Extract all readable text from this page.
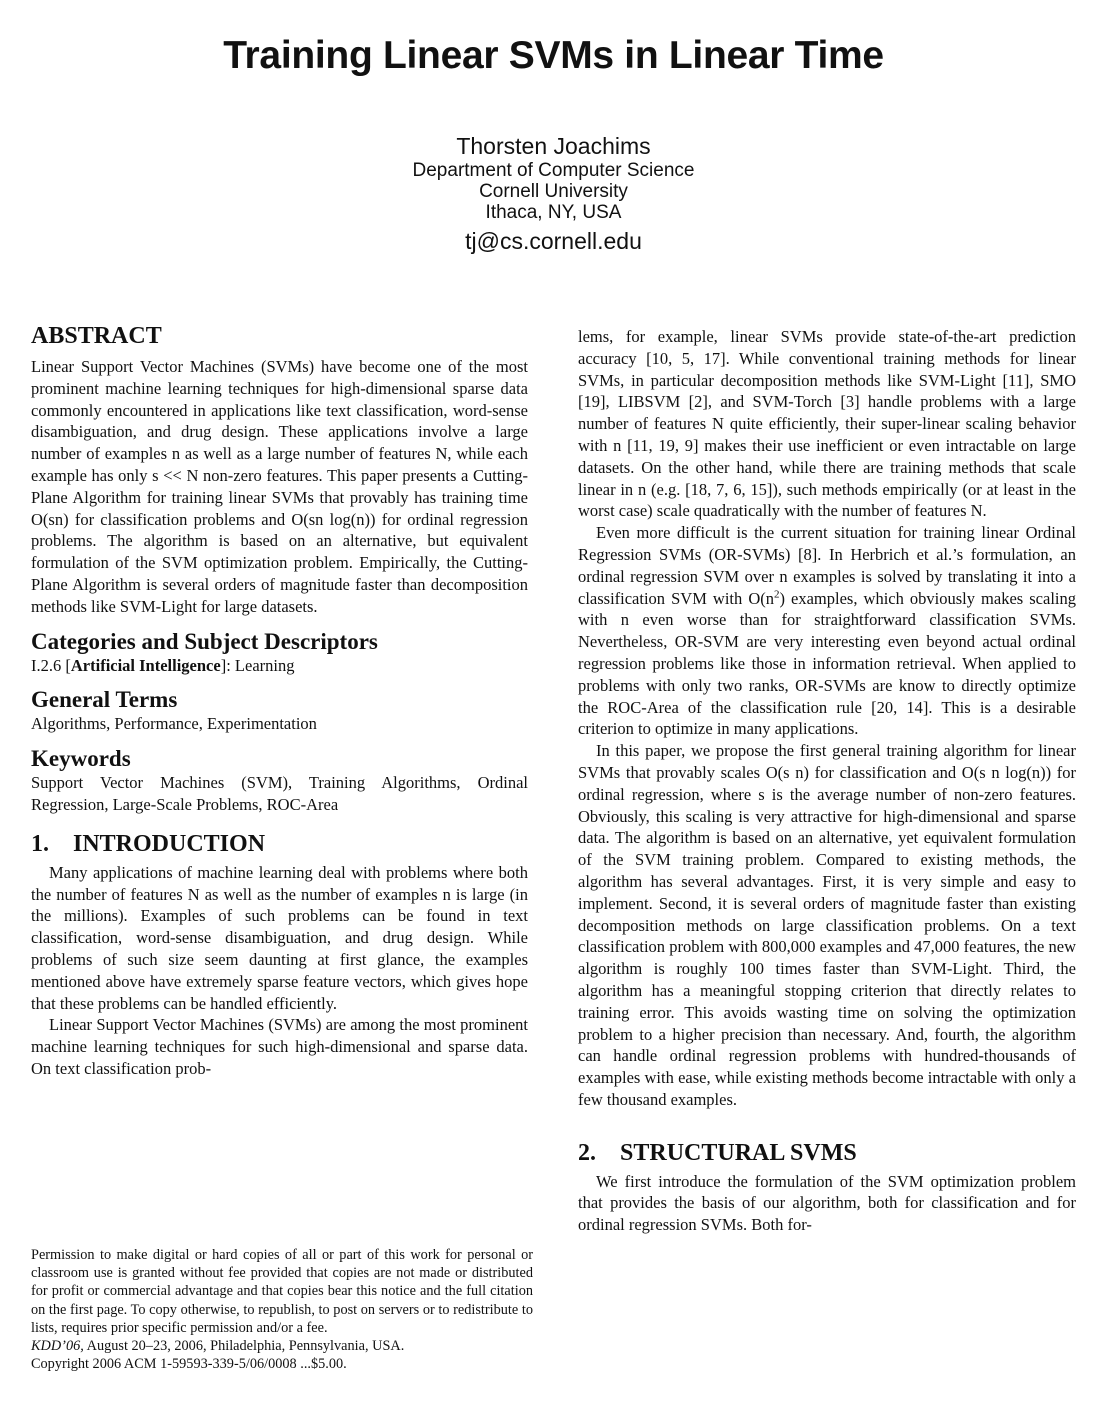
Training Linear SVMs in Linear Time
Thorsten Joachims
Department of Computer Science
Cornell University
Ithaca, NY, USA
tj@cs.cornell.edu
ABSTRACT

Linear Support Vector Machines (SVMs) have become one of the most prominent machine learning techniques for high-dimensional sparse data commonly encountered in applications like text classification, word-sense disambiguation, and drug design. These applications involve a large number of examples n as well as a large number of features N, while each example has only s << N non-zero features. This paper presents a Cutting-Plane Algorithm for training linear SVMs that provably has training time O(sn) for classification problems and O(sn log(n)) for ordinal regression problems. The algorithm is based on an alternative, but equivalent formulation of the SVM optimization problem. Empirically, the Cutting-Plane Algorithm is several orders of magnitude faster than decomposition methods like SVM-Light for large datasets.

Categories and Subject Descriptors

I.2.6 [Artificial Intelligence]: Learning

General Terms

Algorithms, Performance, Experimentation

Keywords

Support Vector Machines (SVM), Training Algorithms, Ordinal Regression, Large-Scale Problems, ROC-Area

1.    INTRODUCTION

Many applications of machine learning deal with problems where both the number of features N as well as the number of examples n is large (in the millions). Examples of such problems can be found in text classification, word-sense disambiguation, and drug design. While problems of such size seem daunting at first glance, the examples mentioned above have extremely sparse feature vectors, which gives hope that these problems can be handled efficiently.

Linear Support Vector Machines (SVMs) are among the most prominent machine learning techniques for such high-dimensional and sparse data. On text classification prob-

Permission to make digital or hard copies of all or part of this work for personal or classroom use is granted without fee provided that copies are not made or distributed for profit or commercial advantage and that copies bear this notice and the full citation on the first page. To copy otherwise, to republish, to post on servers or to redistribute to lists, requires prior specific permission and/or a fee.

KDD’06, August 20–23, 2006, Philadelphia, Pennsylvania, USA.

Copyright 2006 ACM 1-59593-339-5/06/0008 ...$5.00.

lems, for example, linear SVMs provide state-of-the-art prediction accuracy [10, 5, 17]. While conventional training methods for linear SVMs, in particular decomposition methods like SVM-Light [11], SMO [19], LIBSVM [2], and SVM-Torch [3] handle problems with a large number of features N quite efficiently, their super-linear scaling behavior with n [11, 19, 9] makes their use inefficient or even intractable on large datasets. On the other hand, while there are training methods that scale linear in n (e.g. [18, 7, 6, 15]), such methods empirically (or at least in the worst case) scale quadratically with the number of features N.

Even more difficult is the current situation for training linear Ordinal Regression SVMs (OR-SVMs) [8]. In Herbrich et al.’s formulation, an ordinal regression SVM over n examples is solved by translating it into a classification SVM with $O(n^2)$ examples, which obviously makes scaling with n even worse than for straightforward classification SVMs. Nevertheless, OR-SVM are very interesting even beyond actual ordinal regression problems like those in information retrieval. When applied to problems with only two ranks, OR-SVMs are know to directly optimize the ROC-Area of the classification rule [20, 14]. This is a desirable criterion to optimize in many applications.

In this paper, we propose the first general training algorithm for linear SVMs that provably scales O(s n) for classification and O(s n log(n)) for ordinal regression, where s is the average number of non-zero features. Obviously, this scaling is very attractive for high-dimensional and sparse data. The algorithm is based on an alternative, yet equivalent formulation of the SVM training problem. Compared to existing methods, the algorithm has several advantages. First, it is very simple and easy to implement. Second, it is several orders of magnitude faster than existing decomposition methods on large classification problems. On a text classification problem with 800,000 examples and 47,000 features, the new algorithm is roughly 100 times faster than SVM-Light. Third, the algorithm has a meaningful stopping criterion that directly relates to training error. This avoids wasting time on solving the optimization problem to a higher precision than necessary. And, fourth, the algorithm can handle ordinal regression problems with hundred-thousands of examples with ease, while existing methods become intractable with only a few thousand examples.

2.    STRUCTURAL SVMS

We first introduce the formulation of the SVM optimization problem that provides the basis of our algorithm, both for classification and for ordinal regression SVMs. Both for-
